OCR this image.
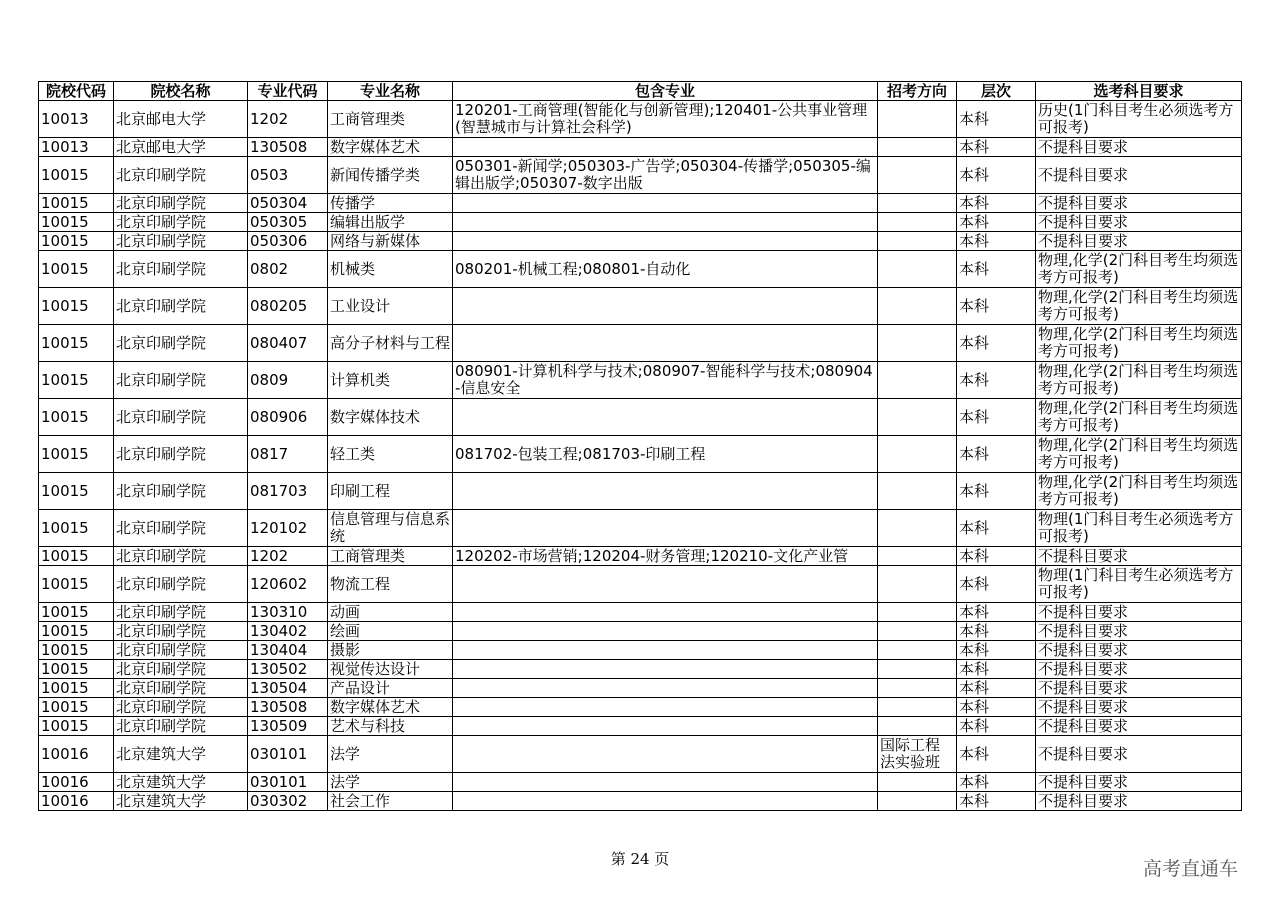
院校代码	院校名称	专业代码	专业名称	包含专业	招考方向	层次	选考科目要求
10013	北京邮电大学	1202	工商管理类	120201-工商管理(智能化与创新管理);120401-公共事业管理(智慧城市与计算社会科学)		本科	历史(1门科目考生必须选考方可报考)
10013	北京邮电大学	130508	数字媒体艺术			本科	不提科目要求
10015	北京印刷学院	0503	新闻传播学类	050301-新闻学;050303-广告学;050304-传播学;050305-编辑出版学;050307-数字出版		本科	不提科目要求
10015	北京印刷学院	050304	传播学			本科	不提科目要求
10015	北京印刷学院	050305	编辑出版学			本科	不提科目要求
10015	北京印刷学院	050306	网络与新媒体			本科	不提科目要求
10015	北京印刷学院	0802	机械类	080201-机械工程;080801-自动化		本科	物理,化学(2门科目考生均须选考方可报考)
10015	北京印刷学院	080205	工业设计			本科	物理,化学(2门科目考生均须选考方可报考)
10015	北京印刷学院	080407	高分子材料与工程			本科	物理,化学(2门科目考生均须选考方可报考)
10015	北京印刷学院	0809	计算机类	080901-计算机科学与技术;080907-智能科学与技术;080904-信息安全		本科	物理,化学(2门科目考生均须选考方可报考)
10015	北京印刷学院	080906	数字媒体技术			本科	物理,化学(2门科目考生均须选考方可报考)
10015	北京印刷学院	0817	轻工类	081702-包装工程;081703-印刷工程		本科	物理,化学(2门科目考生均须选考方可报考)
10015	北京印刷学院	081703	印刷工程			本科	物理,化学(2门科目考生均须选考方可报考)
10015	北京印刷学院	120102	信息管理与信息系统			本科	物理(1门科目考生必须选考方可报考)
10015	北京印刷学院	1202	工商管理类	120202-市场营销;120204-财务管理;120210-文化产业管		本科	不提科目要求
10015	北京印刷学院	120602	物流工程			本科	物理(1门科目考生必须选考方可报考)
10015	北京印刷学院	130310	动画			本科	不提科目要求
10015	北京印刷学院	130402	绘画			本科	不提科目要求
10015	北京印刷学院	130404	摄影			本科	不提科目要求
10015	北京印刷学院	130502	视觉传达设计			本科	不提科目要求
10015	北京印刷学院	130504	产品设计			本科	不提科目要求
10015	北京印刷学院	130508	数字媒体艺术			本科	不提科目要求
10015	北京印刷学院	130509	艺术与科技			本科	不提科目要求
10016	北京建筑大学	030101	法学		国际工程法实验班	本科	不提科目要求
10016	北京建筑大学	030101	法学			本科	不提科目要求
10016	北京建筑大学	030302	社会工作			本科	不提科目要求
第 24 页	高考直通车
